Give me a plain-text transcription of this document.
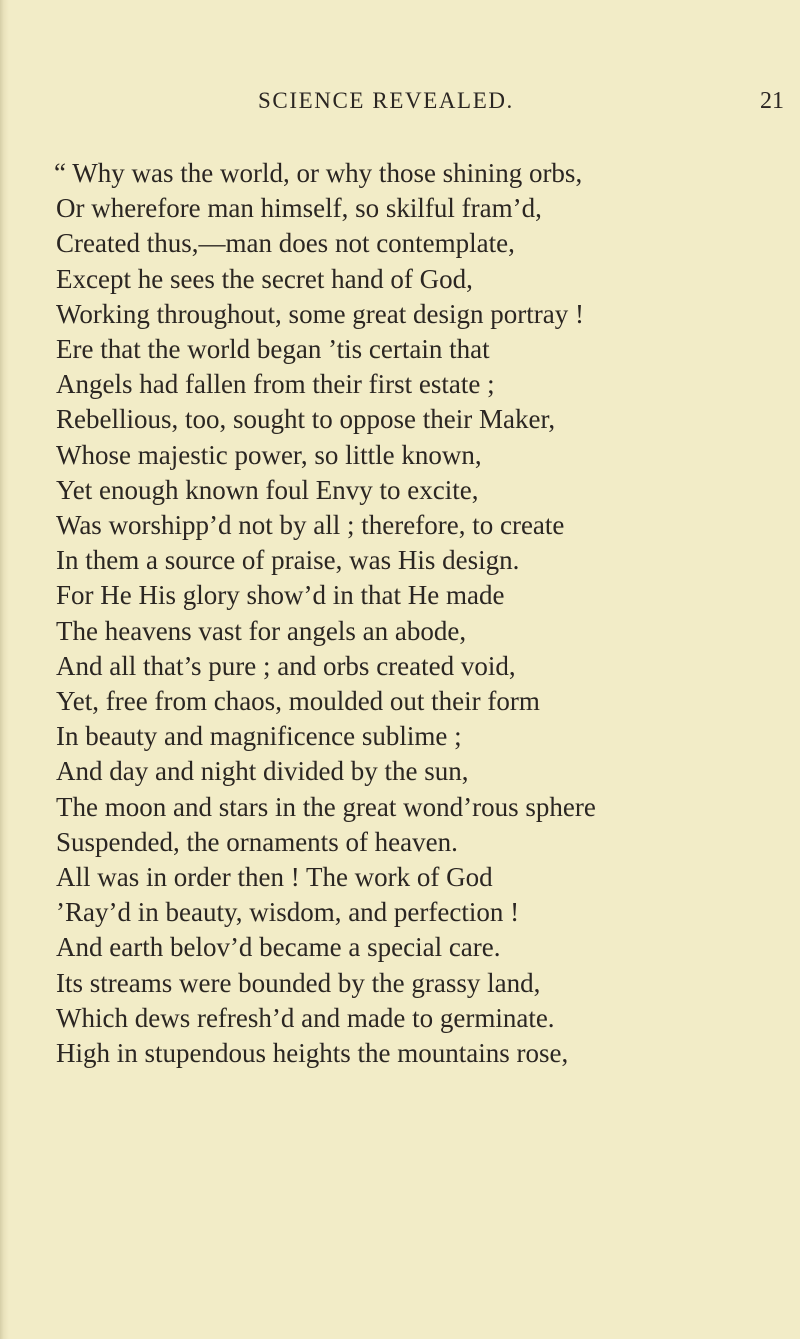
SCIENCE REVEALED.	21
“ Why was the world, or why those shining orbs,
Or wherefore man himself, so skilful fram’d,
Created thus,—man does not contemplate,
Except he sees the secret hand of God,
Working throughout, some great design portray !
Ere that the world began ’tis certain that
Angels had fallen from their first estate ;
Rebellious, too, sought to oppose their Maker,
Whose majestic power, so little known,
Yet enough known foul Envy to excite,
Was worshipp’d not by all ; therefore, to create
In them a source of praise, was His design.
For He His glory show’d in that He made
The heavens vast for angels an abode,
And all that’s pure ; and orbs created void,
Yet, free from chaos, moulded out their form
In beauty and magnificence sublime ;
And day and night divided by the sun,
The moon and stars in the great wond’rous sphere
Suspended, the ornaments of heaven.
All was in order then ! The work of God
’Ray’d in beauty, wisdom, and perfection !
And earth belov’d became a special care.
Its streams were bounded by the grassy land,
Which dews refresh’d and made to germinate.
High in stupendous heights the mountains rose,
